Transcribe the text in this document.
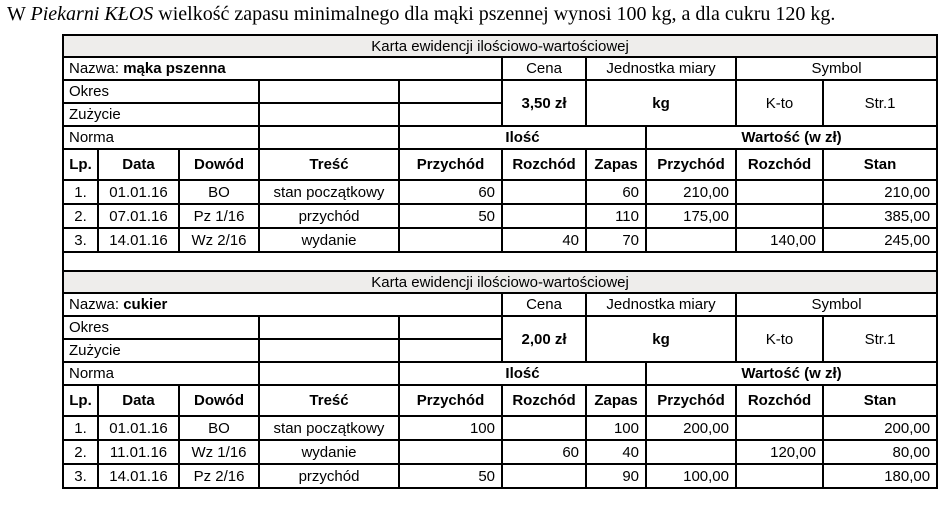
W Piekarni KŁOS wielkość zapasu minimalnego dla mąki pszennej wynosi 100 kg, a dla cukru 120 kg.
Karta ewidencji ilościowo-wartościowej									
Nazwa: mąka pszenna					Cena	Jednostka miary		Symbol	
Okres					3,50 zł	kg		K-to	Str.1
Zużycie									
Norma				Ilość			Wartość (w zł)		
Lp.	Data	Dowód	Treść	Przychód	Rozchód	Zapas	Przychód	Rozchód	Stan
1.	01.01.16	BO	stan początkowy	60		60	210,00		210,00
2.	07.01.16	Pz 1/16	przychód	50		110	175,00		385,00
3.	14.01.16	Wz 2/16	wydanie		40	70		140,00	245,00

Karta ewidencji ilościowo-wartościowej									
Nazwa: cukier					Cena	Jednostka miary		Symbol	
Okres					2,00 zł	kg		K-to	Str.1
Zużycie									
Norma				Ilość			Wartość (w zł)		
Lp.	Data	Dowód	Treść	Przychód	Rozchód	Zapas	Przychód	Rozchód	Stan
1.	01.01.16	BO	stan początkowy	100		100	200,00		200,00
2.	11.01.16	Wz 1/16	wydanie		60	40		120,00	80,00
3.	14.01.16	Pz 2/16	przychód	50		90	100,00		180,00
